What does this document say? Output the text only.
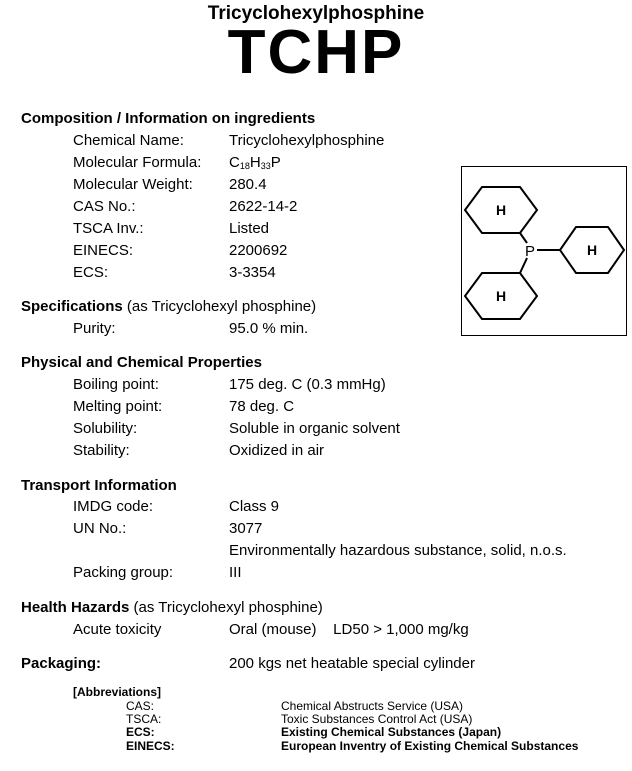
Tricyclohexylphosphine
TCHP
Composition / Information on ingredients
Chemical Name:	Tricyclohexylphosphine
Molecular Formula: $C_{18}H_{33}P$
Molecular Weight: 280.4
CAS No.:	2622-14-2
TSCA Inv.:	Listed
EINECS:	2200692
ECS:	3-3354
P
H
H
H
Specifications (as Tricyclohexyl phosphine)
Purity:	95.0 % min.
Physical and Chemical Properties
Boiling point:	175 deg. C (0.3 mmHg)
Melting point:	78 deg. C
Solubility:	Soluble in organic solvent
Stability:	Oxidized in air
Transport Information
IMDG code:	Class 9
UN No.:	3077
Environmentally hazardous substance, solid, n.o.s.
Packing group:	III
Health Hazards (as Tricyclohexyl phosphine)
Acute toxicity	Oral (mouse)    LD50 > 1,000 mg/kg
Packaging:	200 kgs net heatable special cylinder
[Abbreviations]
CAS:	Chemical Abstructs Service (USA)
TSCA:	Toxic Substances Control Act (USA)
ECS:	Existing Chemical Substances (Japan)
EINECS:	European Inventry of Existing Chemical Substances
